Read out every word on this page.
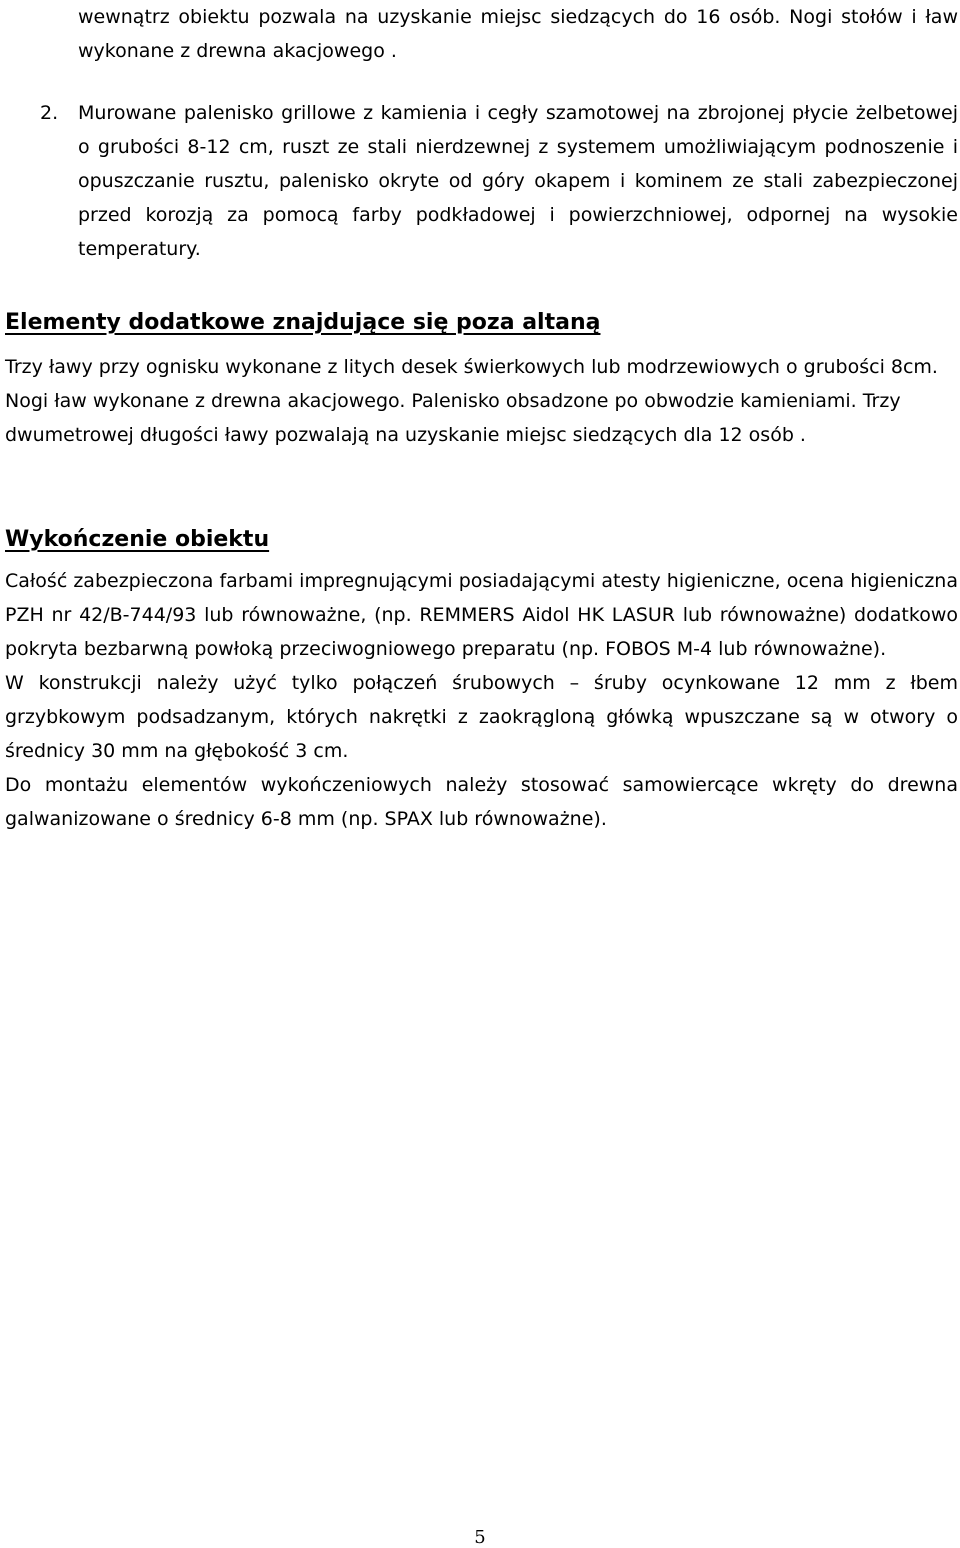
wewnątrz obiektu pozwala na uzyskanie miejsc siedzących do 16 osób. Nogi stołów i ław wykonane z drewna akacjowego .

2. Murowane palenisko grillowe z kamienia i cegły szamotowej na zbrojonej płycie żelbetowej o grubości 8-12 cm, ruszt ze stali nierdzewnej z systemem umożliwiającym podnoszenie i opuszczanie rusztu, palenisko okryte od góry okapem i kominem ze stali zabezpieczonej przed korozją za pomocą farby podkładowej i powierzchniowej, odpornej na wysokie temperatury.
Elementy dodatkowe znajdujące się poza altaną

Trzy ławy przy ognisku wykonane z litych desek świerkowych lub modrzewiowych o grubości 8cm. Nogi ław wykonane z drewna akacjowego. Palenisko obsadzone po obwodzie kamieniami. Trzy dwumetrowej długości ławy pozwalają na uzyskanie miejsc siedzących dla 12 osób .

Wykończenie obiektu

Całość zabezpieczona farbami impregnującymi posiadającymi atesty higieniczne, ocena higieniczna PZH nr 42/B-744/93 lub równoważne, (np. REMMERS Aidol HK LASUR lub równoważne) dodatkowo pokryta bezbarwną powłoką przeciwogniowego preparatu (np. FOBOS M-4 lub równoważne).

W konstrukcji należy użyć tylko połączeń śrubowych – śruby ocynkowane 12 mm z łbem grzybkowym podsadzanym, których nakrętki z zaokrągloną główką wpuszczane są w otwory o średnicy 30 mm na głębokość 3 cm.

Do montażu elementów wykończeniowych należy stosować samowiercące wkręty do drewna galwanizowane o średnicy 6-8 mm (np. SPAX lub równoważne).

5
